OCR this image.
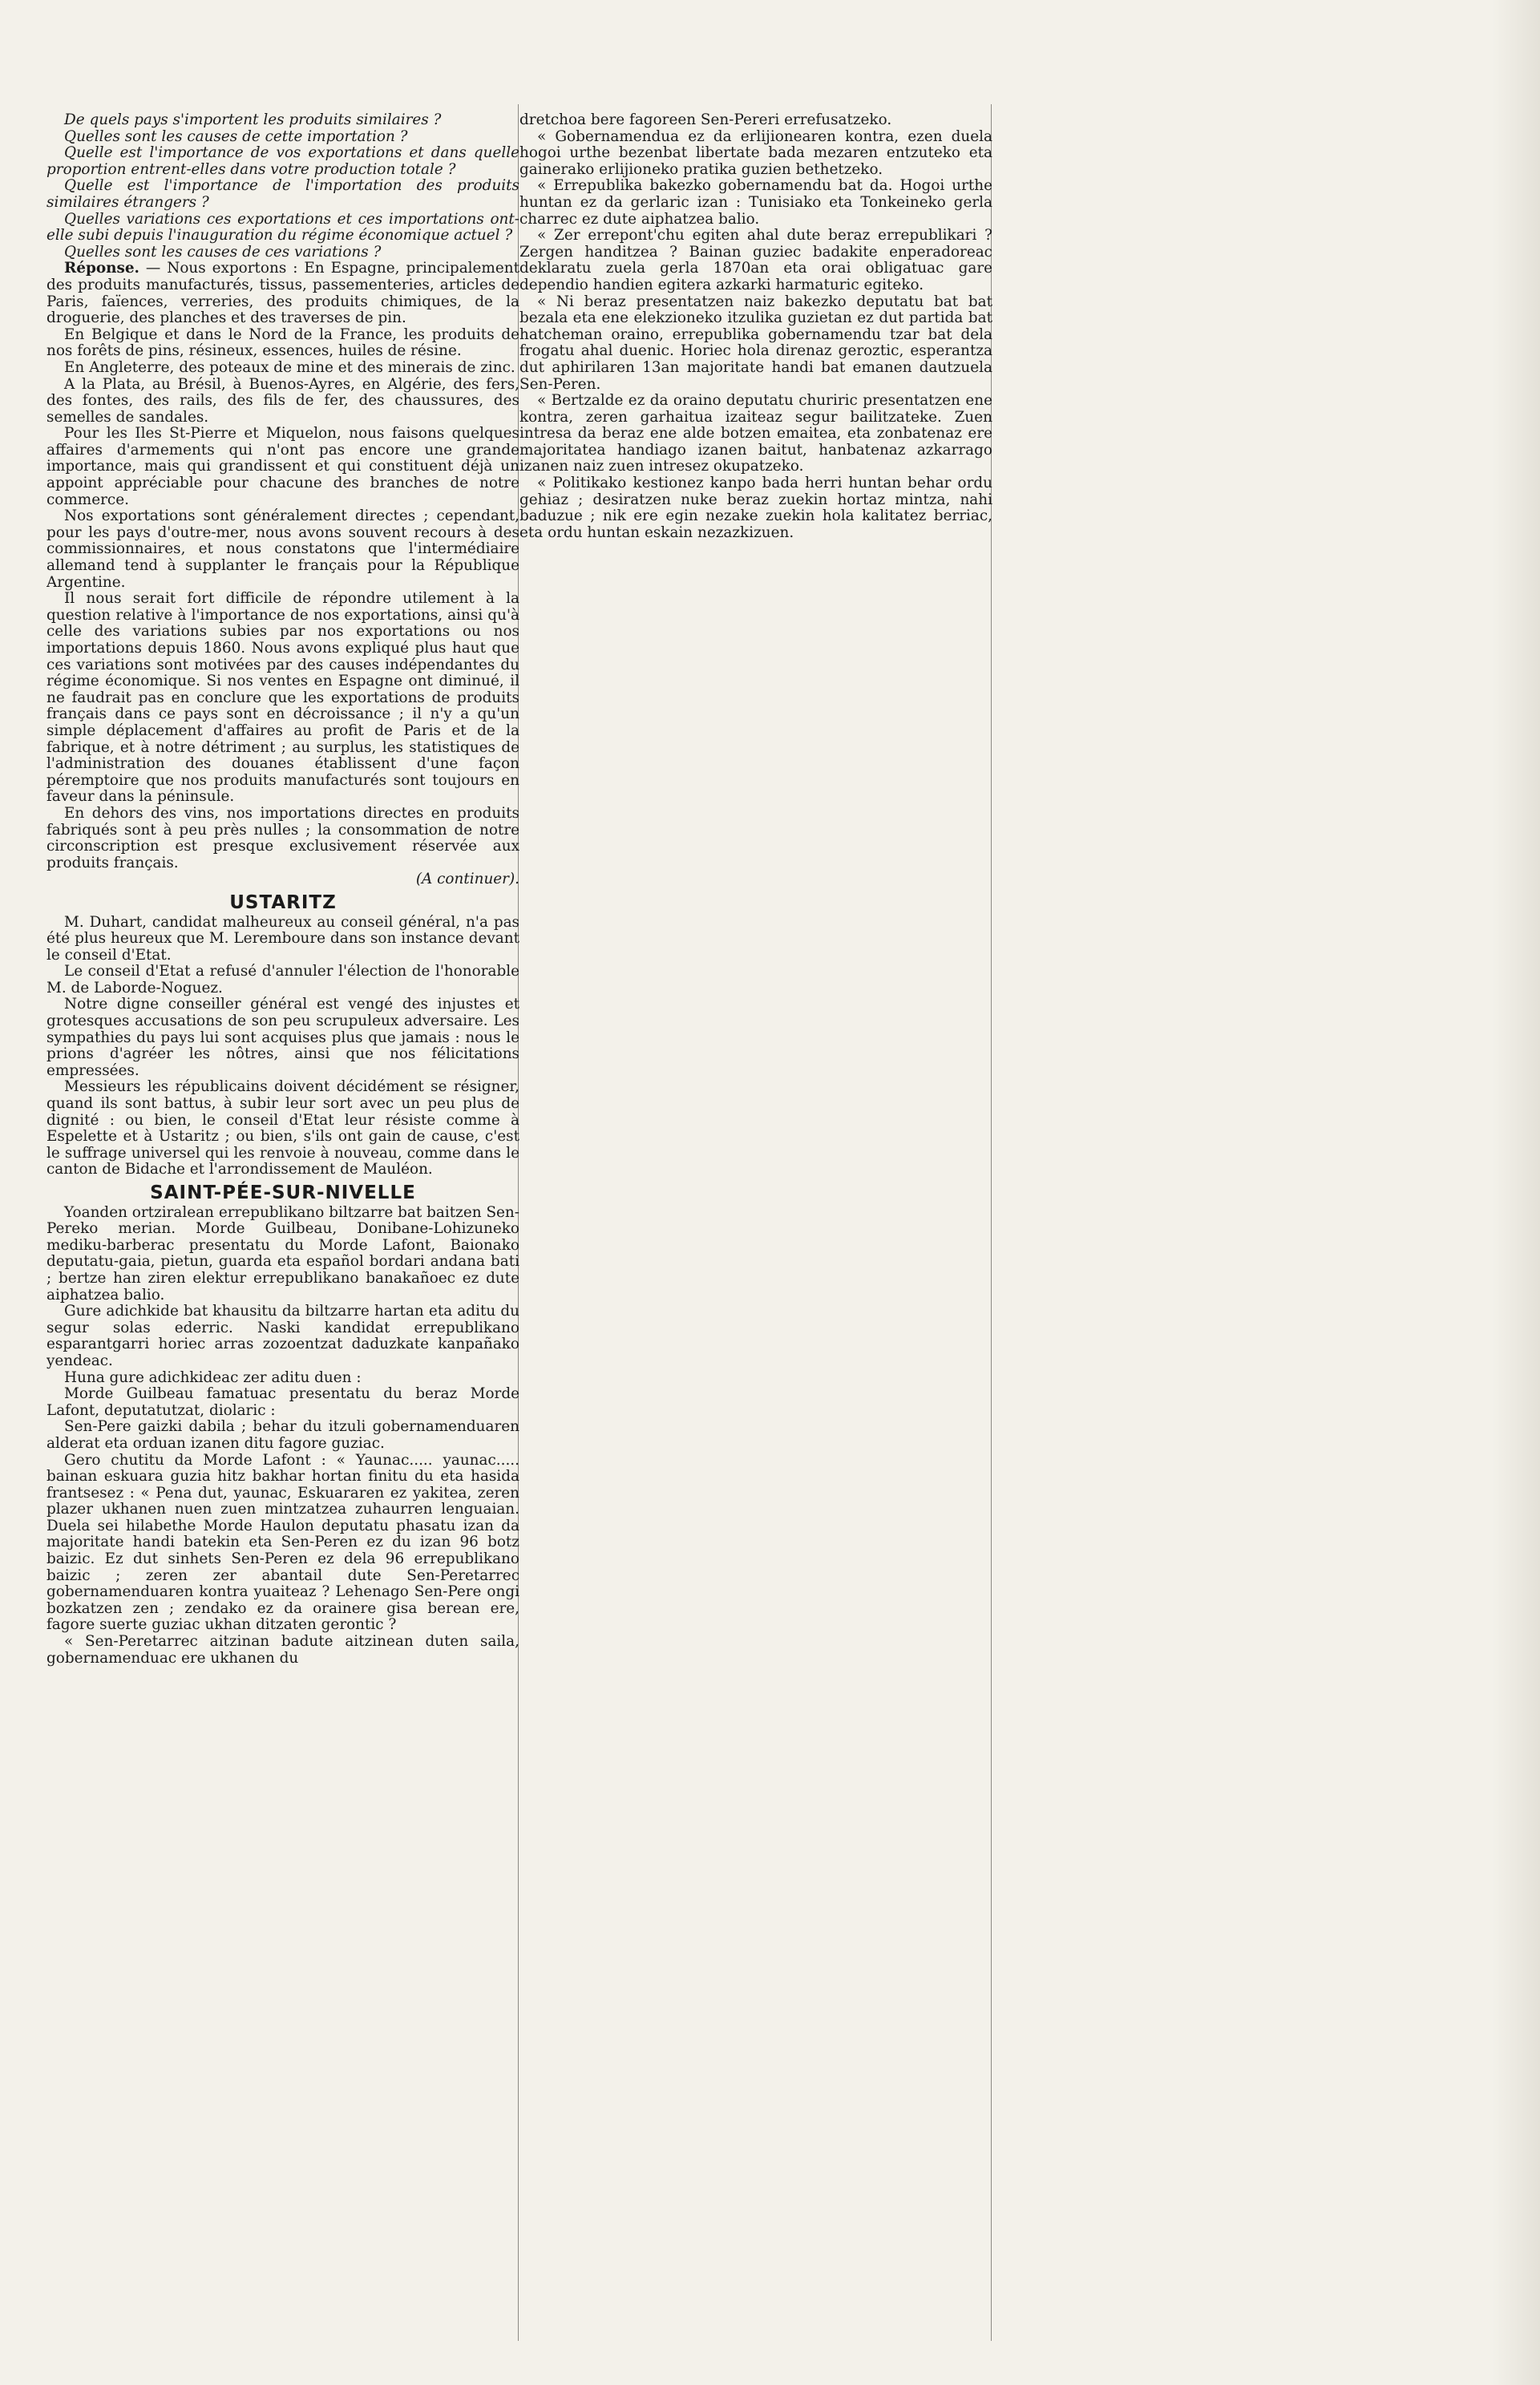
De quels pays s'importent les produits similaires ?

Quelles sont les causes de cette importation ?

Quelle est l'importance de vos exportations et dans quelle proportion entrent-elles dans votre production totale ?

Quelle est l'importance de l'importation des produits similaires étrangers ?

Quelles variations ces exportations et ces importations ont-elle subi depuis l'inauguration du régime économique actuel ?

Quelles sont les causes de ces variations ?

Réponse. — Nous exportons : En Espagne, principalement des produits manufacturés, tissus, passementeries, articles de Paris, faïences, verreries, des produits chimiques, de la droguerie, des planches et des traverses de pin.

En Belgique et dans le Nord de la France, les produits de nos forêts de pins, résineux, essences, huiles de résine.

En Angleterre, des poteaux de mine et des minerais de zinc.

A la Plata, au Brésil, à Buenos-Ayres, en Algérie, des fers, des fontes, des rails, des fils de fer, des chaussures, des semelles de sandales.

Pour les Iles St-Pierre et Miquelon, nous faisons quelques affaires d'armements qui n'ont pas encore une grande importance, mais qui grandissent et qui constituent déjà un appoint appréciable pour chacune des branches de notre commerce.

Nos exportations sont généralement directes ; cependant, pour les pays d'outre-mer, nous avons souvent recours à des commissionnaires, et nous constatons que l'intermédiaire allemand tend à supplanter le français pour la République Argentine.

Il nous serait fort difficile de répondre utilement à la question relative à l'importance de nos exportations, ainsi qu'à celle des variations subies par nos exportations ou nos importations depuis 1860. Nous avons expliqué plus haut que ces variations sont motivées par des causes indépendantes du régime économique. Si nos ventes en Espagne ont diminué, il ne faudrait pas en conclure que les exportations de produits français dans ce pays sont en décroissance ; il n'y a qu'un simple déplacement d'affaires au profit de Paris et de la fabrique, et à notre détriment ; au surplus, les statistiques de l'administration des douanes établissent d'une façon péremptoire que nos produits manufacturés sont toujours en faveur dans la péninsule.

En dehors des vins, nos importations directes en produits fabriqués sont à peu près nulles ; la consommation de notre circonscription est presque exclusivement réservée aux produits français.

(A continuer).

USTARITZ

M. Duhart, candidat malheureux au conseil général, n'a pas été plus heureux que M. Leremboure dans son instance devant le conseil d'Etat.

Le conseil d'Etat a refusé d'annuler l'élection de l'honorable M. de Laborde-Noguez.

Notre digne conseiller général est vengé des injustes et grotesques accusations de son peu scrupuleux adversaire. Les sympathies du pays lui sont acquises plus que jamais : nous le prions d'agréer les nôtres, ainsi que nos félicitations empressées.

Messieurs les républicains doivent décidément se résigner, quand ils sont battus, à subir leur sort avec un peu plus de dignité : ou bien, le conseil d'Etat leur résiste comme à Espelette et à Ustaritz ; ou bien, s'ils ont gain de cause, c'est le suffrage universel qui les renvoie à nouveau, comme dans le canton de Bidache et l'arrondissement de Mauléon.

SAINT-PÉE-SUR-NIVELLE

Yoanden ortziralean errepublikano biltzarre bat baitzen Sen-Pereko merian. Morde Guilbeau, Donibane-Lohizuneko mediku-barberac presentatu du Morde Lafont, Baionako deputatu-gaia, pietun, guarda eta español bordari andana bati ; bertze han ziren elektur errepublikano banakañoec ez dute aiphatzea balio.

Gure adichkide bat khausitu da biltzarre hartan eta aditu du segur solas ederric. Naski kandidat errepublikano esparantgarri horiec arras zozoentzat daduzkate kanpañako yendeac.

Huna gure adichkideac zer aditu duen :

Morde Guilbeau famatuac presentatu du beraz Morde Lafont, deputatutzat, diolaric :

Sen-Pere gaizki dabila ; behar du itzuli gobernamenduaren alderat eta orduan izanen ditu fagore guziac.

Gero chutitu da Morde Lafont : « Yaunac..... yaunac..... bainan eskuara guzia hitz bakhar hortan finitu du eta hasida frantsesez : « Pena dut, yaunac, Eskuararen ez yakitea, zeren plazer ukhanen nuen zuen mintzatzea zuhaurren lenguaian. Duela sei hilabethe Morde Haulon deputatu phasatu izan da majoritate handi batekin eta Sen-Peren ez du izan 96 botz baizic. Ez dut sinhets Sen-Peren ez dela 96 errepublikano baizic ; zeren zer abantail dute Sen-Peretarrec gobernamenduaren kontra yuaiteaz ? Lehenago Sen-Pere ongi bozkatzen zen ; zendako ez da orainere gisa berean ere, fagore suerte guziac ukhan ditzaten gerontic ?

« Sen-Peretarrec aitzinan badute aitzinean duten saila, gobernamenduac ere ukhanen du

dretchoa bere fagoreen Sen-Pereri errefusatzeko.

« Gobernamendua ez da erlijionearen kontra, ezen duela hogoi urthe bezenbat libertate bada mezaren entzuteko eta gainerako erlijioneko pratika guzien bethetzeko.

« Errepublika bakezko gobernamendu bat da. Hogoi urthe huntan ez da gerlaric izan : Tunisiako eta Tonkeineko gerla charrec ez dute aiphatzea balio.

« Zer errepont'chu egiten ahal dute beraz errepublikari ? Zergen handitzea ? Bainan guziec badakite enperadoreac deklaratu zuela gerla 1870an eta orai obligatuac gare dependio handien egitera azkarki harmaturic egiteko.

« Ni beraz presentatzen naiz bakezko deputatu bat bat bezala eta ene elekzioneko itzulika guzietan ez dut partida bat hatcheman oraino, errepublika gobernamendu tzar bat dela frogatu ahal duenic. Horiec hola direnaz geroztic, esperantza dut aphirilaren 13an majoritate handi bat emanen dautzuela Sen-Peren.

« Bertzalde ez da oraino deputatu churiric presentatzen ene kontra, zeren garhaitua izaiteaz segur bailitzateke. Zuen intresa da beraz ene alde botzen emaitea, eta zonbatenaz ere majoritatea handiago izanen baitut, hanbatenaz azkarrago izanen naiz zuen intresez okupatzeko.

« Politikako kestionez kanpo bada herri huntan behar ordu gehiaz ; desiratzen nuke beraz zuekin hortaz mintza, nahi baduzue ; nik ere egin nezake zuekin hola kalitatez berriac, eta ordu huntan eskain nezazkizuen.
